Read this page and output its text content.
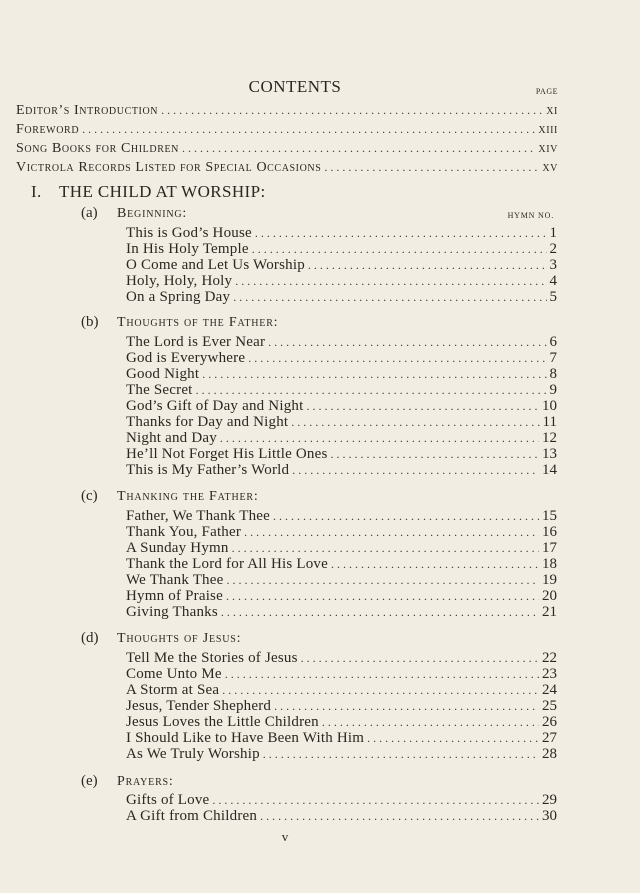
CONTENTS	PAGE
Editor’s Introduction . . .	xi
Foreword . . .	xiii
Song Books for Children . . .	xiv
Victrola Records Listed for Special Occasions . . .	xv
I. THE CHILD AT WORSHIP:
HYMN NO.
(a) Beginning:
This is God’s House . . .	1
In His Holy Temple . . .	2
O Come and Let Us Worship . . .	3
Holy, Holy, Holy . . .	4
On a Spring Day . . .	5
(b) Thoughts of the Father:
The Lord is Ever Near . . .	6
God is Everywhere . . .	7
Good Night . . .	8
The Secret . . .	9
God’s Gift of Day and Night . . .	10
Thanks for Day and Night . . .	11
Night and Day . . .	12
He’ll Not Forget His Little Ones . . .	13
This is My Father’s World . . .	14
(c) Thanking the Father:
Father, We Thank Thee . . .	15
Thank You, Father . . .	16
A Sunday Hymn . . .	17
Thank the Lord for All His Love . . .	18
We Thank Thee . . .	19
Hymn of Praise . . .	20
Giving Thanks . . .	21
(d) Thoughts of Jesus:
Tell Me the Stories of Jesus . . .	22
Come Unto Me . . .	23
A Storm at Sea . . .	24
Jesus, Tender Shepherd . . .	25
Jesus Loves the Little Children . . .	26
I Should Like to Have Been With Him . . .	27
As We Truly Worship . . .	28
(e) Prayers:
Gifts of Love . . .	29
A Gift from Children . . .	30
v
